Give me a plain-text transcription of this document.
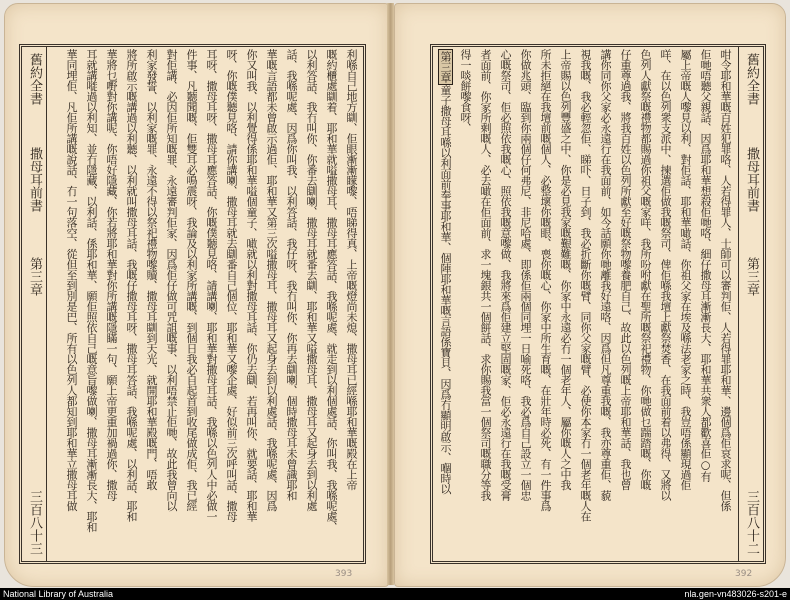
舊約全書
撒母耳前書
第三章
三百八十三
利喺自己地方瞓、佢眼漸漸矇嚟、唔睇得真、上帝嘅燈尚未熄、撒母耳已經喺耶和華嘅殿在上帝
嘅約櫃處瞓着、耶和華就嗌撒母耳、撒母耳應答話、我喺呢處、就走到以利個處話、你叫我、我喺呢處、
以利答話、我冇叫你、你番去瞓喇、撒母耳就番去瞓、耶和華又嗌撒母耳、撒母耳又起身去到以利處
話、我喺呢處、因爲你叫我、以利答話、我仔呀、我冇叫你、你再去瞓喇、個時撒母耳未曾識耶和
華嘅言語都未曾啟示過佢、耶和華又第三次嗌撒母耳、撒母耳又起身去到以利處話、我喺呢處、因爲
你又叫我、以利覺得係耶和華嗌個童子、噉就以利對撒母耳話、你仍去瞓、若再叫你、就要話、耶和華
呀、你嘅僕聽見咯、請你講喇、撒母耳就去瞓番自己個位、耶和華又嚟企處、好似前三次呼叫話、撒母
耳呀、撒母耳呀、撒母耳應答話、你嘅僕聽見咯、請講喇、耶和華對撒母耳話、我喺以色列人中必做一
件事、凡聽聞嘅、佢雙耳必鳴震呀、我論及以利家所講嘅、到個日我必自起首到收尾做成佢、我已經
對佢講、必因佢所知嘅罪、永遠審判佢家、因爲佢仔做可咒詛嘅事、以利唔禁止佢哋、故此我曾向以
利家發誓、以利家嘅罪、永遠不得以祭祀禮物嚟贖、撒母耳瞓到天光、就開耶和華殿嘅門、唔敢
將所啟示嘅講過以利聽、以利就叫撒母耳話、我嘅仔撒母耳呀、撒母耳答話、我喺呢處、以利話、耶和
華將乜嘢對你講呢、你唔好隱藏、你若將耶和華對你所講嘅隱瞞一句、願上帝更重加禍過你、撒母
耳就講嘥過以利知、並冇隱藏、以利話、係耶和華、願佢照依自己嘅意旨嚟做喇、撒母耳漸漸長大、耶和
華同埋佢、凡佢所講嘅說話、冇一句落空、從但至到別是巴、所有以色列人都知到耶和華立撒母耳做
393
舊約全書
撒母耳前書
第三章
三百八十二
咁令耶和華嘅百姓犯罪咯、人若得罪人、士師可以審判佢、人若得罪耶和華、邊個爲佢哀求呢、但係
佢哋唔聽父親話、因爲耶和華想殺佢哋咯、細仔撒母耳漸漸長大、耶和華共衆人都歡喜佢○有
屬上帝嘅人嚟見以利、對佢話、耶和華噉話、你祖父家在埃及喺法老家之時、我豈唔係顯現過佢
咩、在以色列衆支派中、揀選佢做我嘅祭司、俾佢喺我壇上獻祭焚香、在我面前着以弗得、又將以
色列人獻祭嘅禮物都賜過你祖父嘅家咩、我所吩咐獻在聖所嘅祭祀禮物、你哋做乜踹踏嘅、你嘅
仔重尊過我、將我百姓以色列所獻至好嘅祭物嚟養肥自己、故此以色列嘅上帝耶和華話、我也曾
講你同你父家必永遠行在我面前、如今話願你哋離我好遠咯、因爲但凡尊重我嘅、我亦尊重佢、藐
視我嘅、我必輕忽佢、睇吓、日子到、我必折斷你嘅臂、同你父家嘅臂、必使你本家冇一個老年嘅人在
上帝賜以色列豐盛之中、你是必見我家嘅艱難嘅、你家中永遠必冇一個老年人、屬你嘅人之中我
所未拒絕在我壇前嘅個人、必整壞你嘅眼、喪你嘅心、你家中所生育嘅、在壯年時必死、有一件事爲
你做兆頭、臨到你兩個仔何弗尼、非尼哈處、即係佢兩個同埋一日喻死咯、我必爲自己設立一個忠
心嘅祭司、佢必照依我嘅心、照依我嘅意嚟做、我將來爲佢建立堅固嘅家、佢必永遠行在我嘅受膏
者面前、你家所剩嘅人、必去噉在佢面前、求一塊銀共一個餅話、求你賜我當一個祭司嘅職分等我
得一啖餅嚟食呀、
第三章童子撒母耳喺以利面前奉事耶和華、個陣耶和華嘅言語係寶貝、因爲冇顯明啟示、嗰時以
392
National Library of Australia	nla.gen-vn483026-s201-e
